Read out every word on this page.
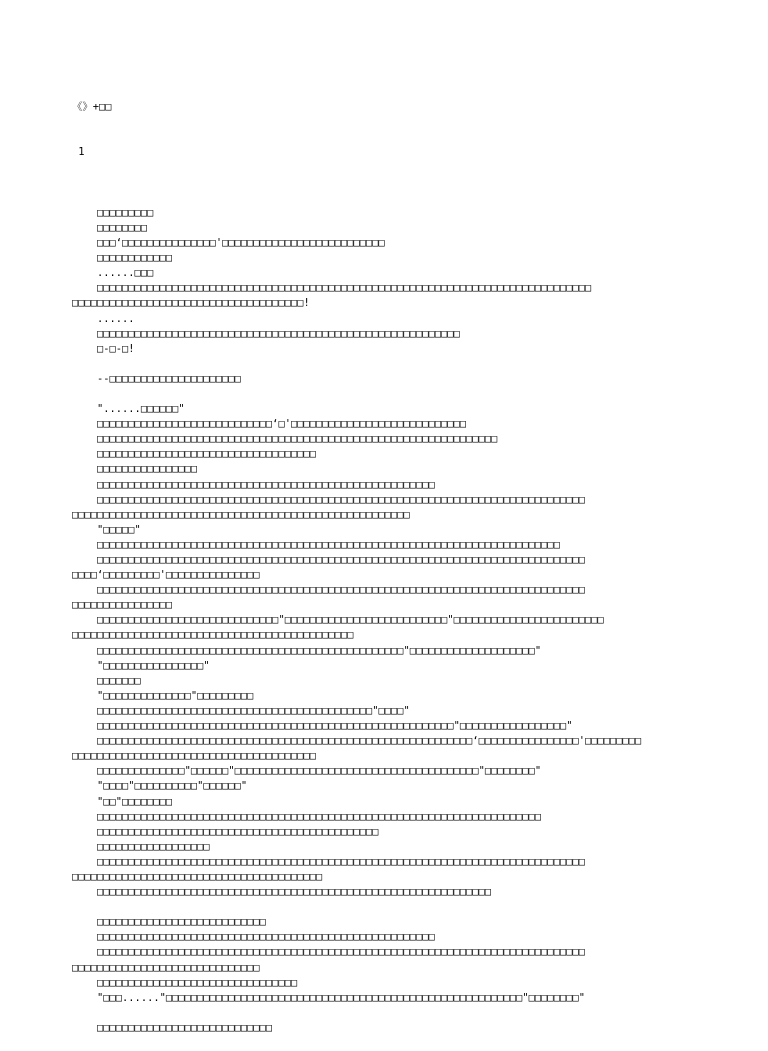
《》+□□

1

□□□□□□□□□
□□□□□□□□
□□□‘□□□□□□□□□□□□□□□'□□□□□□□□□□□□□□□□□□□□□□□□□□
□□□□□□□□□□□□
......□□□
□□□□□□□□□□□□□□□□□□□□□□□□□□□□□□□□□□□□□□□□□□□□□□□□□□□□□□□□□□□□□□□□□□□□□□□□□□□□□□□
□□□□□□□□□□□□□□□□□□□□□□□□□□□□□□□□□□□□□!
......
□□□□□□□□□□□□□□□□□□□□□□□□□□□□□□□□□□□□□□□□□□□□□□□□□□□□□□□□□□
□-□-□!
--□□□□□□□□□□□□□□□□□□□□□
"......□□□□□□"
□□□□□□□□□□□□□□□□□□□□□□□□□□□□‘□'□□□□□□□□□□□□□□□□□□□□□□□□□□□□
□□□□□□□□□□□□□□□□□□□□□□□□□□□□□□□□□□□□□□□□□□□□□□□□□□□□□□□□□□□□□□□□
□□□□□□□□□□□□□□□□□□□□□□□□□□□□□□□□□□□
□□□□□□□□□□□□□□□□
□□□□□□□□□□□□□□□□□□□□□□□□□□□□□□□□□□□□□□□□□□□□□□□□□□□□□□
□□□□□□□□□□□□□□□□□□□□□□□□□□□□□□□□□□□□□□□□□□□□□□□□□□□□□□□□□□□□□□□□□□□□□□□□□□□□□□
□□□□□□□□□□□□□□□□□□□□□□□□□□□□□□□□□□□□□□□□□□□□□□□□□□□□□□
"□□□□□"
□□□□□□□□□□□□□□□□□□□□□□□□□□□□□□□□□□□□□□□□□□□□□□□□□□□□□□□□□□□□□□□□□□□□□□□□□□
□□□□□□□□□□□□□□□□□□□□□□□□□□□□□□□□□□□□□□□□□□□□□□□□□□□□□□□□□□□□□□□□□□□□□□□□□□□□□□
□□□□‘□□□□□□□□□'□□□□□□□□□□□□□□□
□□□□□□□□□□□□□□□□□□□□□□□□□□□□□□□□□□□□□□□□□□□□□□□□□□□□□□□□□□□□□□□□□□□□□□□□□□□□□□
□□□□□□□□□□□□□□□□
□□□□□□□□□□□□□□□□□□□□□□□□□□□□□"□□□□□□□□□□□□□□□□□□□□□□□□□□"□□□□□□□□□□□□□□□□□□□□□□□□
□□□□□□□□□□□□□□□□□□□□□□□□□□□□□□□□□□□□□□□□□□□□□
□□□□□□□□□□□□□□□□□□□□□□□□□□□□□□□□□□□□□□□□□□□□□□□□□"□□□□□□□□□□□□□□□□□□□□"
"□□□□□□□□□□□□□□□□"
□□□□□□□
"□□□□□□□□□□□□□□"□□□□□□□□□
□□□□□□□□□□□□□□□□□□□□□□□□□□□□□□□□□□□□□□□□□□□□"□□□□"
□□□□□□□□□□□□□□□□□□□□□□□□□□□□□□□□□□□□□□□□□□□□□□□□□□□□□□□□□"□□□□□□□□□□□□□□□□□"
□□□□□□□□□□□□□□□□□□□□□□□□□□□□□□□□□□□□□□□□□□□□□□□□□□□□□□□□□□□□‘□□□□□□□□□□□□□□□□'□□□□□□□□□
□□□□□□□□□□□□□□□□□□□□□□□□□□□□□□□□□□□□□□□
□□□□□□□□□□□□□□"□□□□□□"□□□□□□□□□□□□□□□□□□□□□□□□□□□□□□□□□□□□□□□"□□□□□□□□"
"□□□□"□□□□□□□□□□"□□□□□□"
"□□"□□□□□□□□
□□□□□□□□□□□□□□□□□□□□□□□□□□□□□□□□□□□□□□□□□□□□□□□□□□□□□□□□□□□□□□□□□□□□□□□
□□□□□□□□□□□□□□□□□□□□□□□□□□□□□□□□□□□□□□□□□□□□□
□□□□□□□□□□□□□□□□□□
□□□□□□□□□□□□□□□□□□□□□□□□□□□□□□□□□□□□□□□□□□□□□□□□□□□□□□□□□□□□□□□□□□□□□□□□□□□□□□
□□□□□□□□□□□□□□□□□□□□□□□□□□□□□□□□□□□□□□□□
□□□□□□□□□□□□□□□□□□□□□□□□□□□□□□□□□□□□□□□□□□□□□□□□□□□□□□□□□□□□□□□
□□□□□□□□□□□□□□□□□□□□□□□□□□□
□□□□□□□□□□□□□□□□□□□□□□□□□□□□□□□□□□□□□□□□□□□□□□□□□□□□□□
□□□□□□□□□□□□□□□□□□□□□□□□□□□□□□□□□□□□□□□□□□□□□□□□□□□□□□□□□□□□□□□□□□□□□□□□□□□□□□
□□□□□□□□□□□□□□□□□□□□□□□□□□□□□□
□□□□□□□□□□□□□□□□□□□□□□□□□□□□□□□□
"□□□......"□□□□□□□□□□□□□□□□□□□□□□□□□□□□□□□□□□□□□□□□□□□□□□□□□□□□□□□□□"□□□□□□□□"
□□□□□□□□□□□□□□□□□□□□□□□□□□□□
